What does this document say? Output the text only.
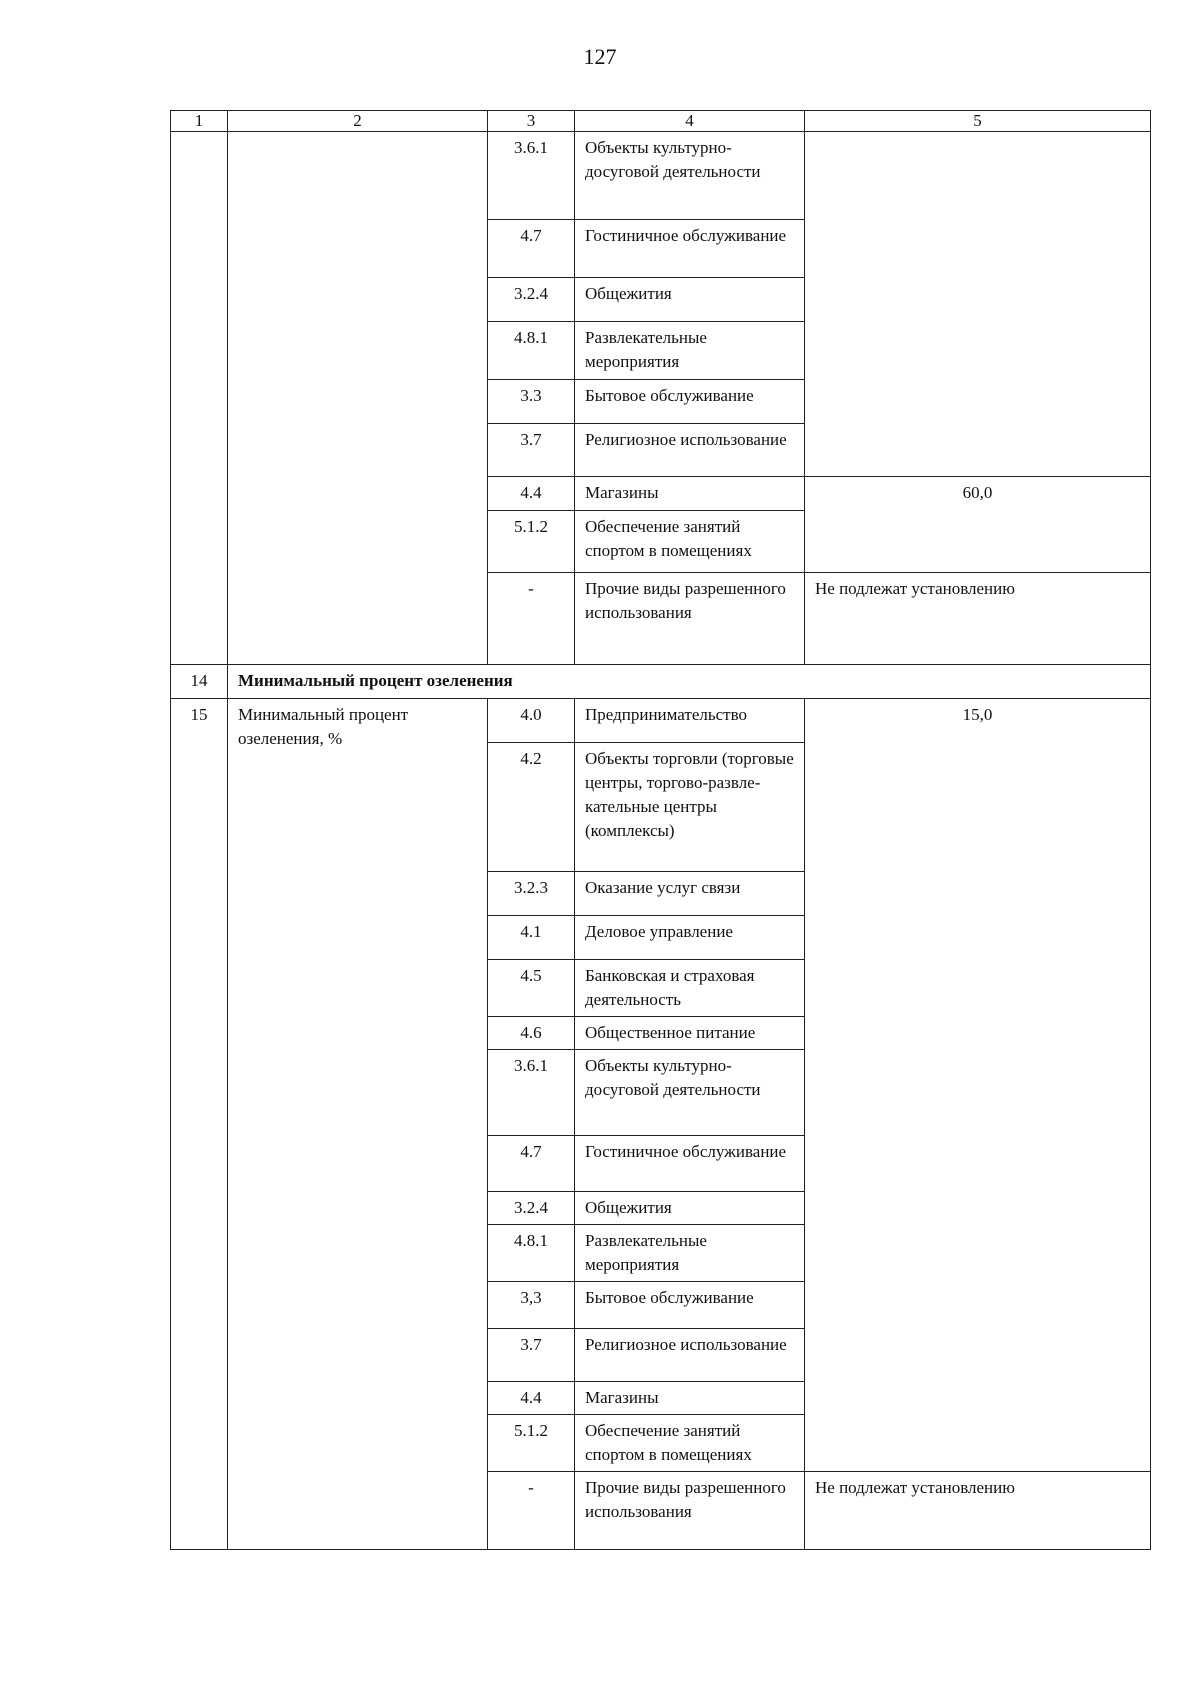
127
1	2	3	4	5
		3.6.1	Объекты культурно-досуговой деятельности	
		4.7	Гостиничное обслуживание	
		3.2.4	Общежития	
		4.8.1	Развлекательные мероприятия	
		3.3	Бытовое обслуживание	
		3.7	Религиозное использование	
		4.4	Магазины	60,0
		5.1.2	Обеспечение занятий спортом в помещениях	
		-	Прочие виды разрешенного использования	Не подлежат установлению
14	Минимальный процент озеленения			
15	Минимальный процент озеленения, %	4.0	Предпринимательство	15,0
		4.2	Объекты торговли (торговые центры, торгово-развле-кательные центры (комплексы)	
		3.2.3	Оказание услуг связи	
		4.1	Деловое управление	
		4.5	Банковская и страховая деятельность	
		4.6	Общественное питание	
		3.6.1	Объекты культурно-досуговой деятельности	
		4.7	Гостиничное обслуживание	
		3.2.4	Общежития	
		4.8.1	Развлекательные мероприятия	
		3,3	Бытовое обслуживание	
		3.7	Религиозное использование	
		4.4	Магазины	
		5.1.2	Обеспечение занятий спортом в помещениях	
		-	Прочие виды разрешенного использования	Не подлежат установлению
